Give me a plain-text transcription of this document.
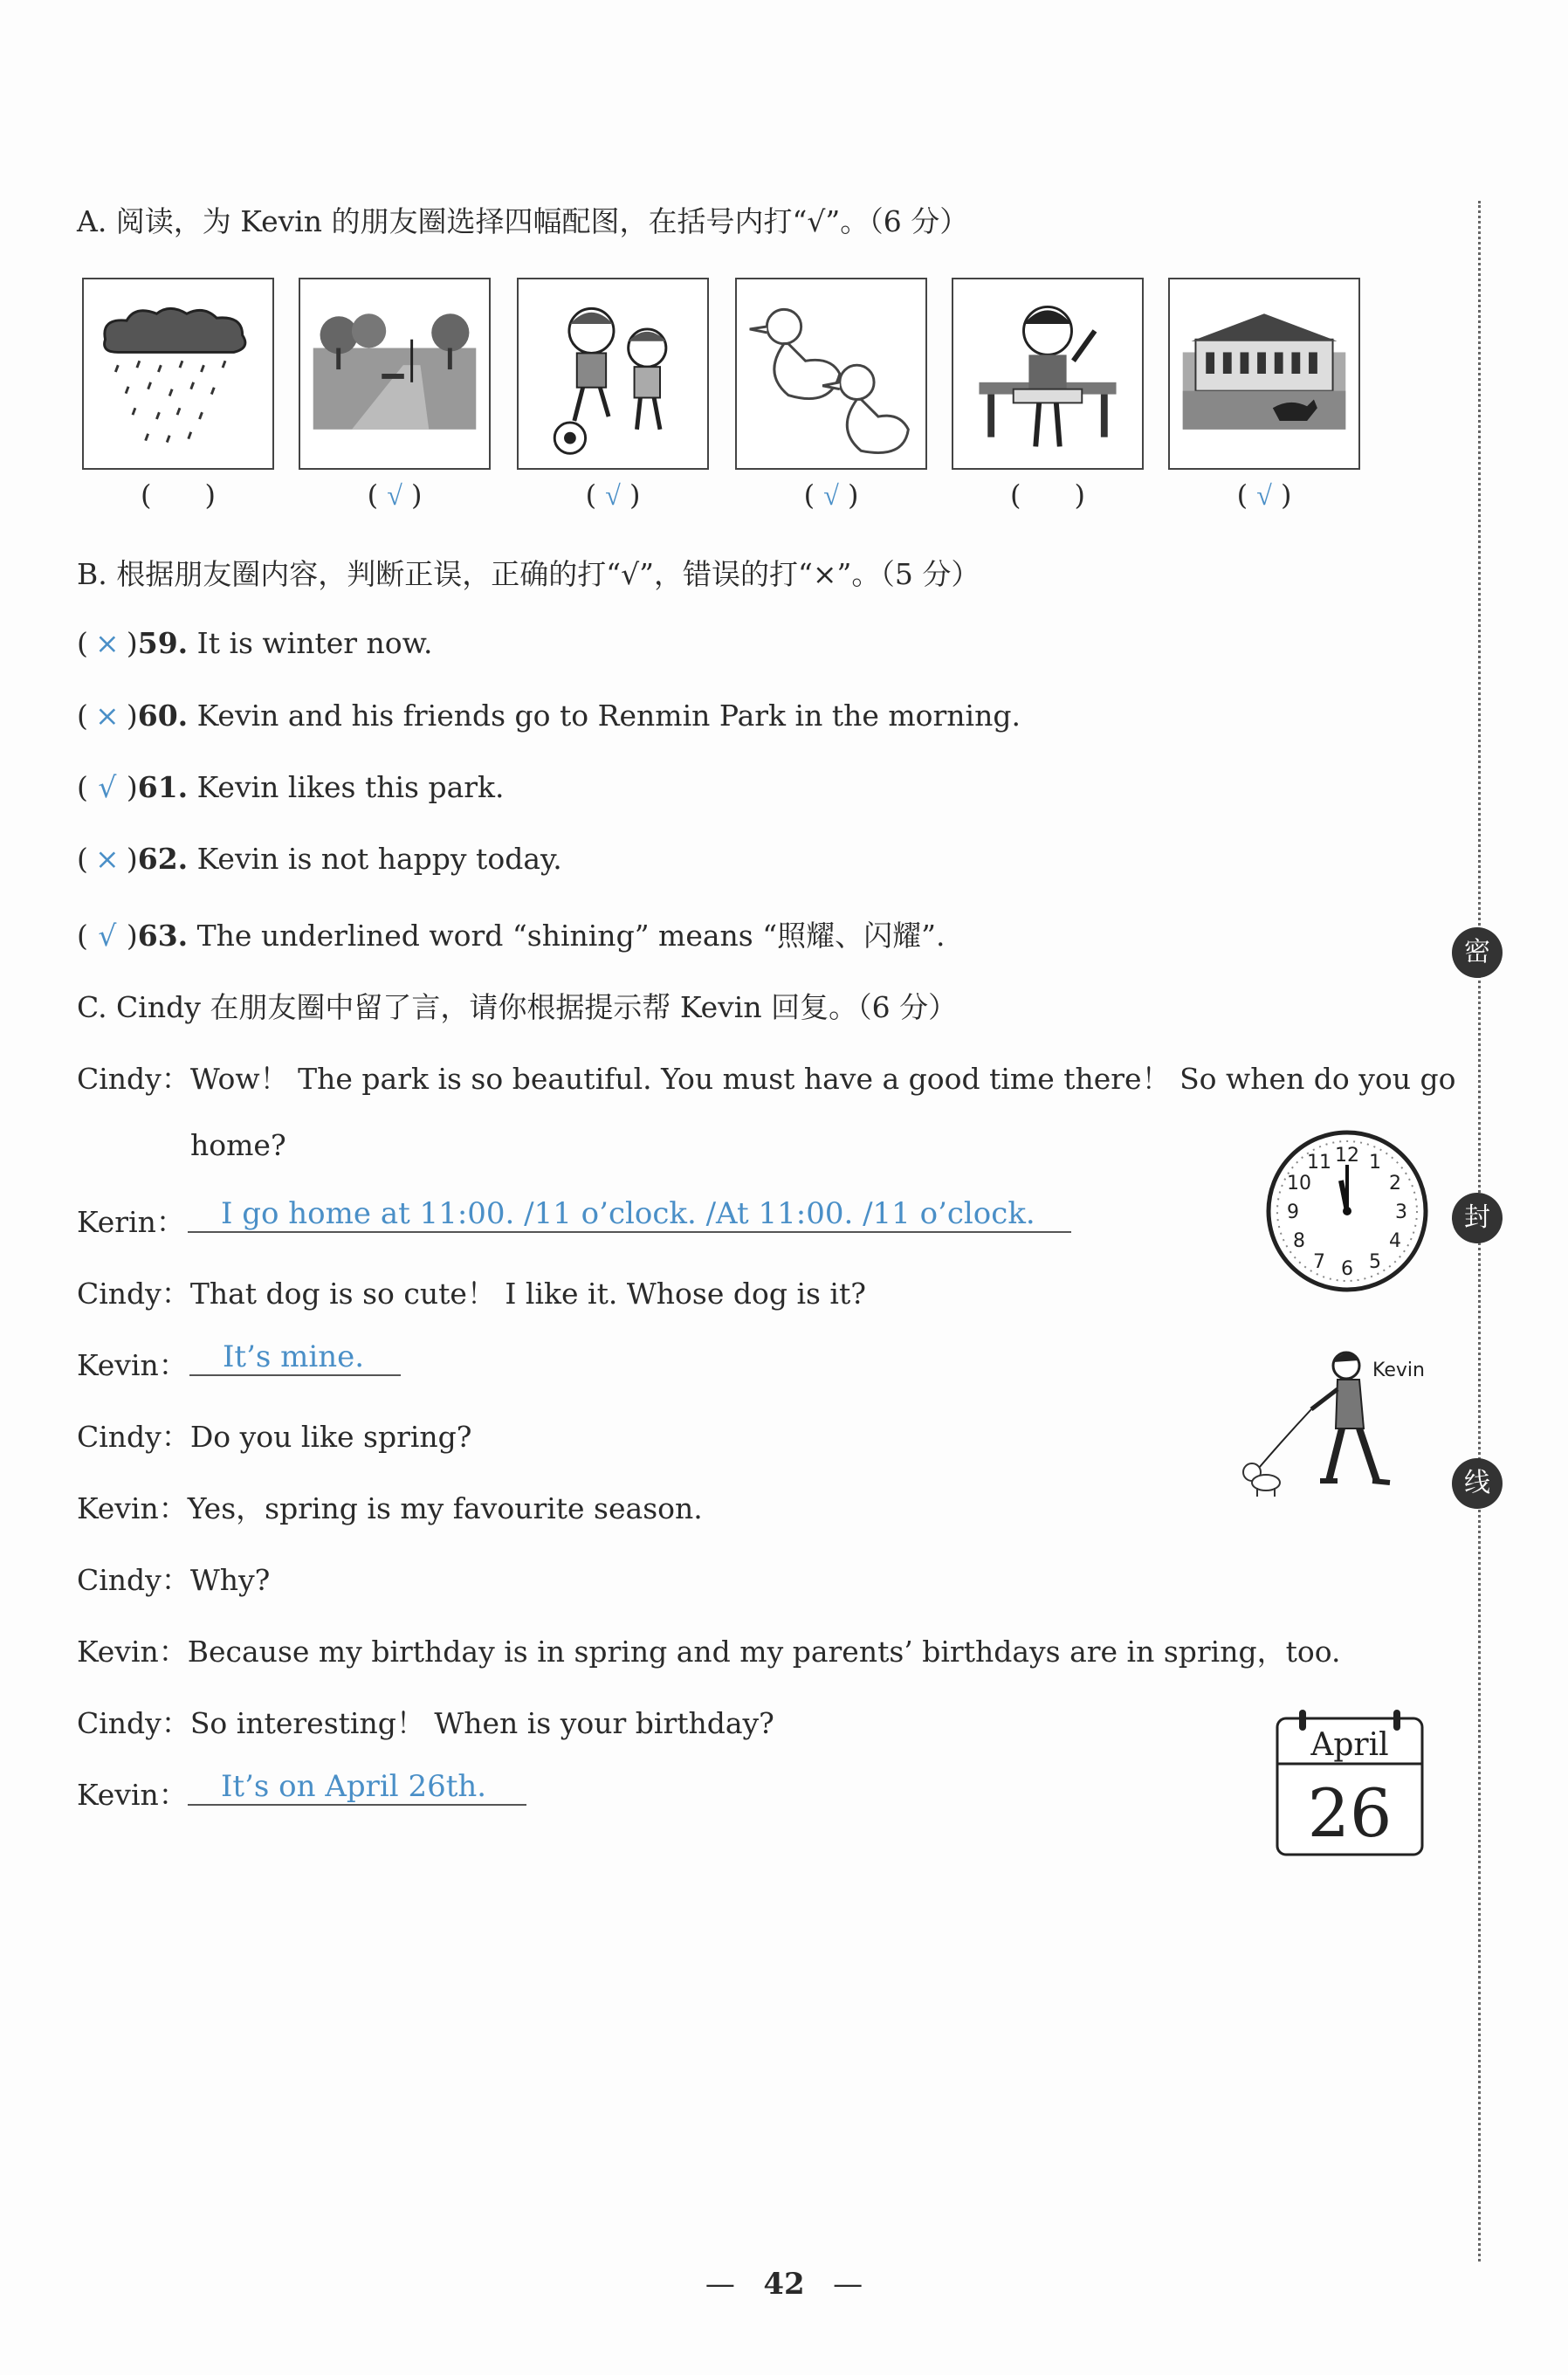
A. 阅读，为 Kevin 的朋友圈选择四幅配图，在括号内打“√”。（6 分）
(      )	( √ )	( √ )	( √ )	(      )	( √ )
B. 根据朋友圈内容，判断正误，正确的打“√”，错误的打“×”。（5 分）
( × )59. It is winter now.
( × )60. Kevin and his friends go to Renmin Park in the morning.
( √ )61. Kevin likes this park.
( × )62. Kevin is not happy today.
( √ )63. The underlined word “shining” means “照耀、闪耀”.
C. Cindy 在朋友圈中留了言，请你根据提示帮 Kevin 回复。（6 分）
Cindy：Wow！ The park is so beautiful. You must have a good time there！ So when do you go
home?
Kerin：	I go home at 11:00. /11 o’clock. /At 11:00. /11 o’clock.
Cindy：That dog is so cute！ I like it. Whose dog is it?
Kevin：	It’s mine.
Cindy：Do you like spring?
Kevin：Yes，spring is my favourite season.
Cindy：Why?
Kevin：Because my birthday is in spring and my parents’ birthdays are in spring，too.
Cindy：So interesting！ When is your birthday?
Kevin：	It’s on April 26th.
12 1
2
3
4
5
6
7
8
9
10
11
Kevin
April
26
密
封
线
—   42   —
